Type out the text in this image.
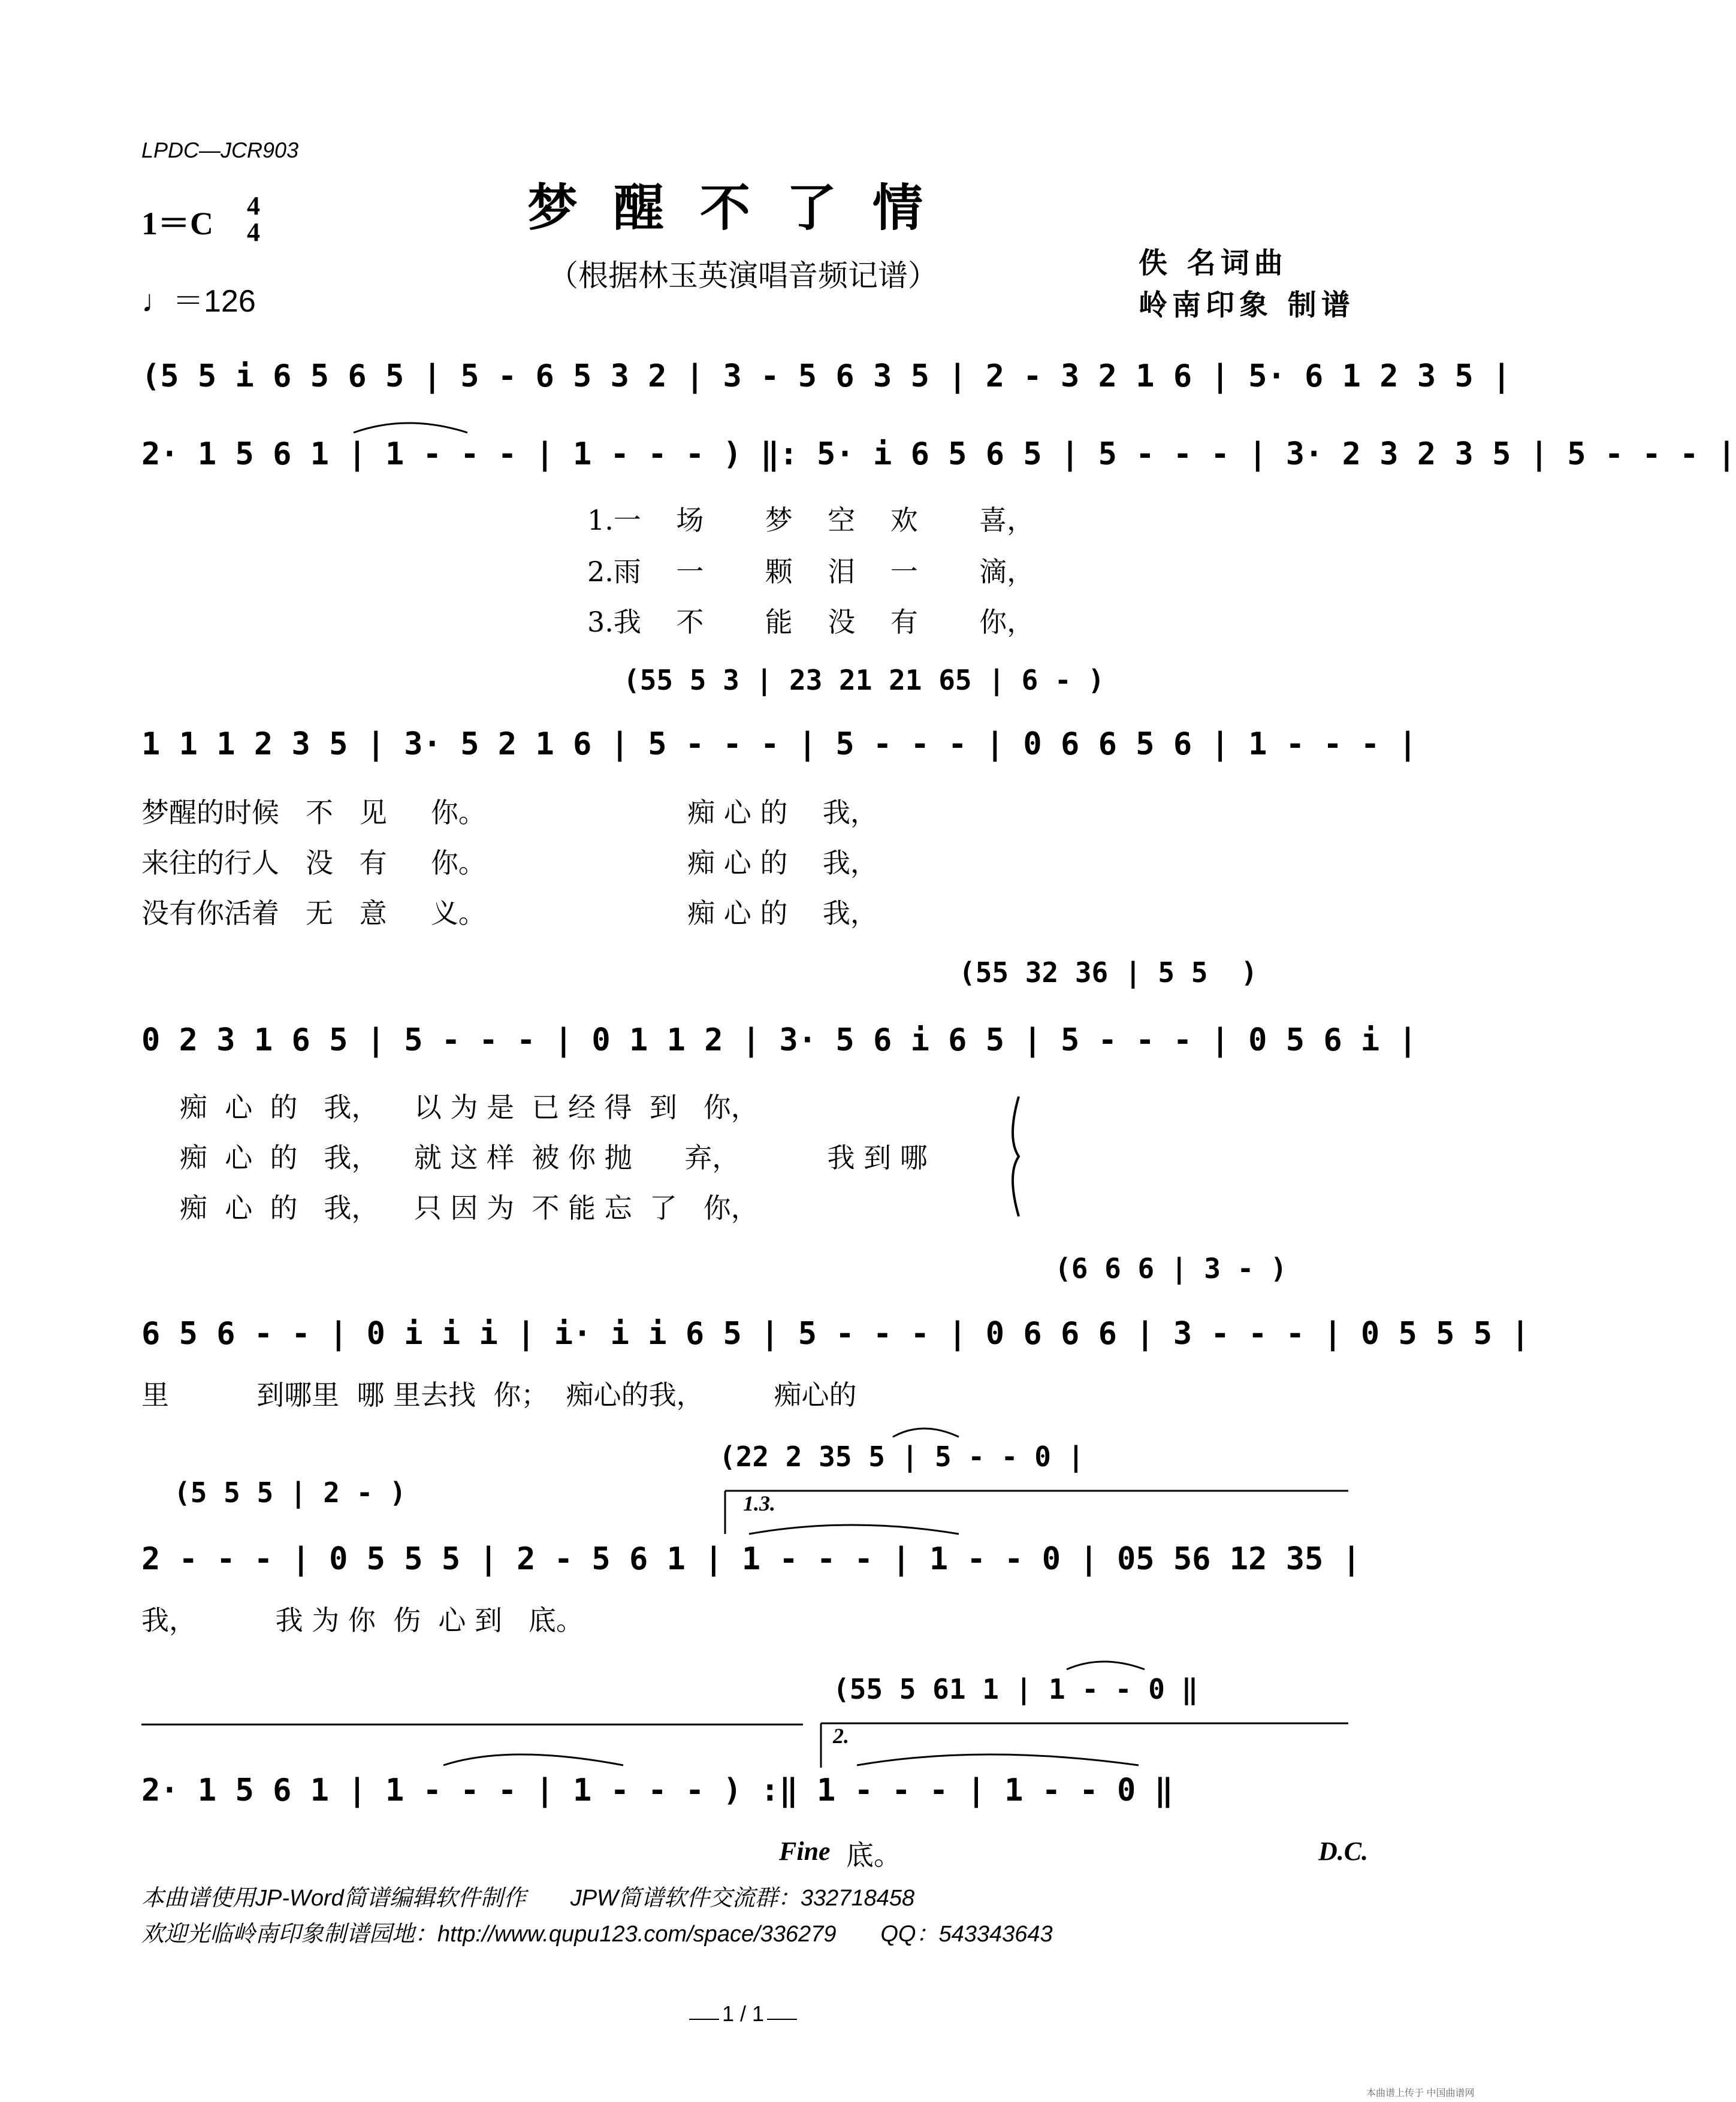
LPDC—JCR903
梦醒不了情
1＝C 4
4
♩＝126
（根据林玉英演唱音频记谱）	佚 名词曲
岭南印象 制谱
(5 5 i 6 5 6 5 | 5 - 6 5 3 2 | 3 - 5 6 3 5 | 2 - 3 2 1 6 | 5· 6 1 2 3 5 |
2· 1 5 6 1 | 1 - - - | 1 - - - ) ‖: 5· i 6 5 6 5 | 5 - - - | 3· 2 3 2 3 5 | 5 - - - |
1.一    场       梦    空    欢       喜，
2.雨    一       颗    泪    一       滴，
3.我    不       能    没    有       你，
(55 5 3 | 23 21 21 65 | 6 - )
1 1 1 2 3 5 | 3· 5 2 1 6 | 5 - - - | 5 - - - | 0 6 6 5 6 | 1 - - - |
梦醒的时候   不   见     你。                       痴 心 的    我，
来往的行人   没   有     你。                       痴 心 的    我，
没有你活着   无   意     义。                       痴 心 的    我，
(55 32 36 | 5 5  )
0 2 3 1 6 5 | 5 - - - | 0 1 1 2 | 3· 5 6 i 6 5 | 5 - - - | 0 5 6 i |
痴  心  的   我，    以 为 是  已 经 得  到   你，
痴  心  的   我，    就 这 样  被 你 抛      弃，          我 到 哪
痴  心  的   我，    只 因 为  不 能 忘  了   你，
(6 6 6 | 3 - )
6 5 6 - - | 0 i i i | i· i i 6 5 | 5 - - - | 0 6 6 6 | 3 - - - | 0 5 5 5 |
里          到哪里  哪 里去找  你；  痴心的我，        痴心的
(5 5 5 | 2 - )
(22 2 35 5 | 5 - - 0 |
1.3.
2 - - - | 0 5 5 5 | 2 - 5 6 1 | 1 - - - | 1 - - 0 | 05 56 12 35 |
我，         我 为 你  伤  心 到   底。
(55 5 61 1 | 1 - - 0 ‖
2.
2· 1 5 6 1 | 1 - - - | 1 - - - ) :‖ 1 - - - | 1 - - 0 ‖
Fine 底。	D.C.
本曲谱使用JP-Word简谱编辑软件制作       JPW简谱软件交流群：332718458
欢迎光临岭南印象制谱园地：http://www.qupu123.com/space/336279       QQ：543343643
1 / 1
本曲谱上传于 中国曲谱网
